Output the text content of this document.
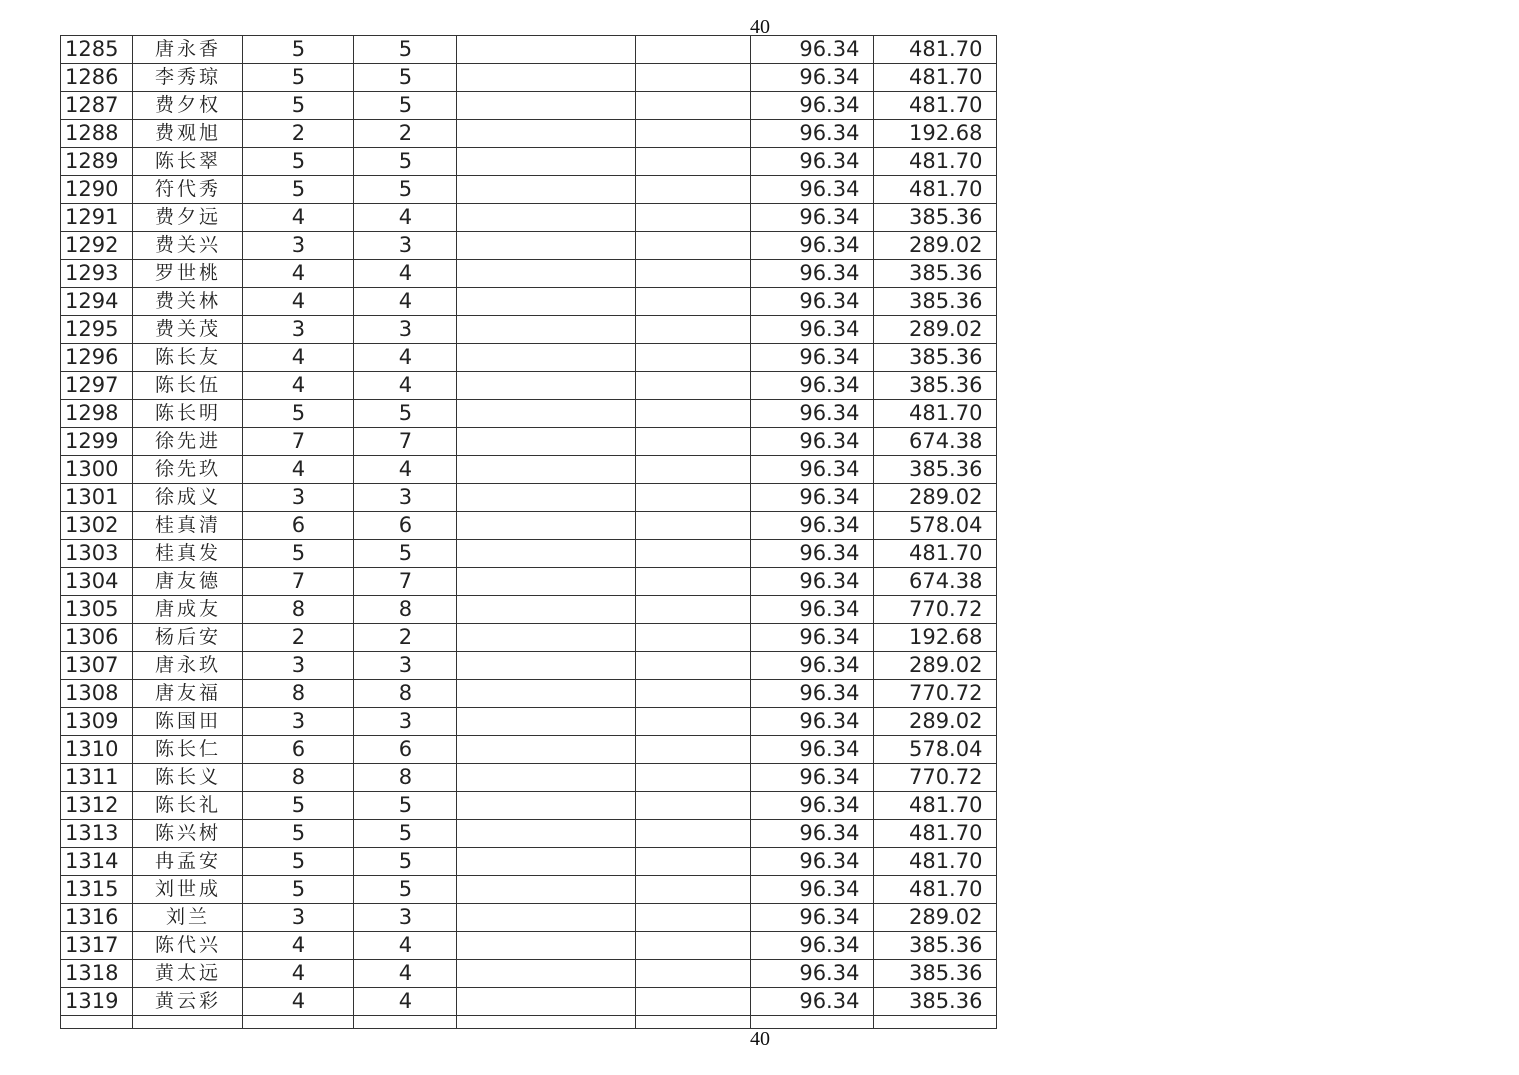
40
1285	唐永香	5	5			96.34	481.70
1286	李秀琼	5	5			96.34	481.70
1287	费夕权	5	5			96.34	481.70
1288	费观旭	2	2			96.34	192.68
1289	陈长翠	5	5			96.34	481.70
1290	符代秀	5	5			96.34	481.70
1291	费夕远	4	4			96.34	385.36
1292	费关兴	3	3			96.34	289.02
1293	罗世桃	4	4			96.34	385.36
1294	费关林	4	4			96.34	385.36
1295	费关茂	3	3			96.34	289.02
1296	陈长友	4	4			96.34	385.36
1297	陈长伍	4	4			96.34	385.36
1298	陈长明	5	5			96.34	481.70
1299	徐先进	7	7			96.34	674.38
1300	徐先玖	4	4			96.34	385.36
1301	徐成义	3	3			96.34	289.02
1302	桂真清	6	6			96.34	578.04
1303	桂真发	5	5			96.34	481.70
1304	唐友德	7	7			96.34	674.38
1305	唐成友	8	8			96.34	770.72
1306	杨后安	2	2			96.34	192.68
1307	唐永玖	3	3			96.34	289.02
1308	唐友福	8	8			96.34	770.72
1309	陈国田	3	3			96.34	289.02
1310	陈长仁	6	6			96.34	578.04
1311	陈长义	8	8			96.34	770.72
1312	陈长礼	5	5			96.34	481.70
1313	陈兴树	5	5			96.34	481.70
1314	冉孟安	5	5			96.34	481.70
1315	刘世成	5	5			96.34	481.70
1316	刘兰	3	3			96.34	289.02
1317	陈代兴	4	4			96.34	385.36
1318	黄太远	4	4			96.34	385.36
1319	黄云彩	4	4			96.34	385.36

40
